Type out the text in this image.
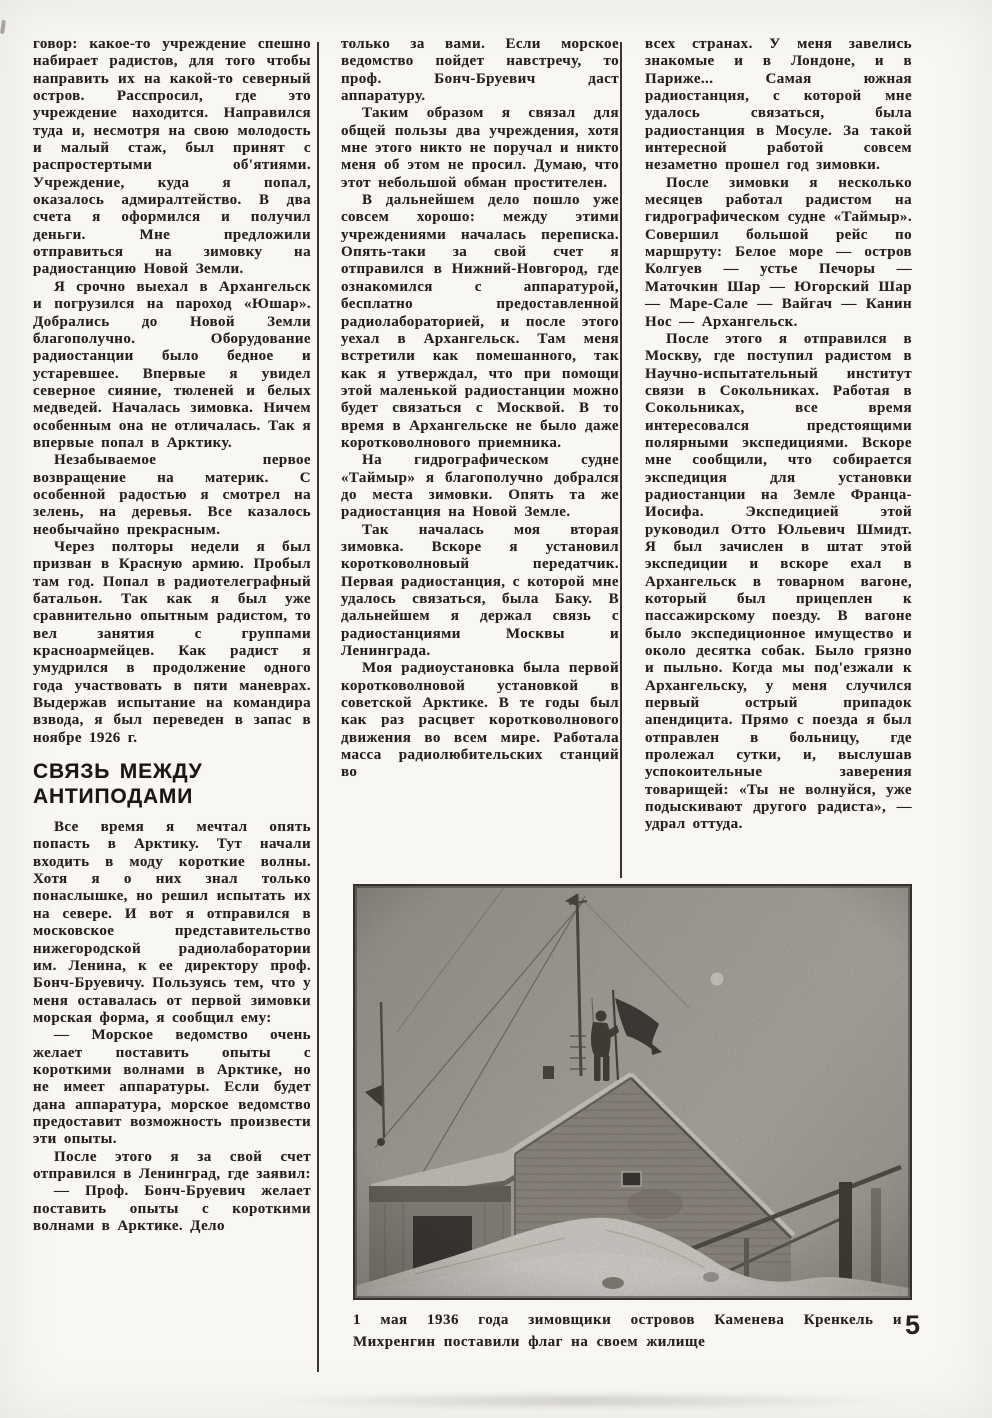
говор: какое-то учреждение спешно набирает радистов, для того чтобы направить их на какой-то северный остров. Расспросил, где это учреждение находится. Направился туда и, несмотря на свою молодость и малый стаж, был принят с распростертыми об'ятиями. Учреждение, куда я попал, оказалось адмиралтейство. В два счета я оформился и получил деньги. Мне предложили отправиться на зимовку на радиостанцию Новой Земли.

Я срочно выехал в Архангельск и погрузился на пароход «Юшар». Добрались до Новой Земли благополучно. Оборудование радиостанции было бедное и устаревшее. Впервые я увидел северное сияние, тюленей и белых медведей. Началась зимовка. Ничем особенным она не отличалась. Так я впервые попал в Арктику.

Незабываемое первое возвращение на материк. С особенной радостью я смотрел на зелень, на деревья. Все казалось необычайно прекрасным.

Через полторы недели я был призван в Красную армию. Пробыл там год. Попал в радиотелеграфный батальон. Так как я был уже сравнительно опытным радистом, то вел занятия с группами красноармейцев. Как радист я умудрился в продолжение одного года участвовать в пяти маневрах. Выдержав испытание на командира взвода, я был переведен в запас в ноябре 1926 г.

СВЯЗЬ МЕЖДУ АНТИПОДАМИ

Все время я мечтал опять попасть в Арктику. Тут начали входить в моду короткие волны. Хотя я о них знал только понаслышке, но решил испытать их на севере. И вот я отправился в московское представительство нижегородской радиолаборатории им. Ленина, к ее директору проф. Бонч-Бруевичу. Пользуясь тем, что у меня оставалась от первой зимовки морская форма, я сообщил ему:

— Морское ведомство очень желает поставить опыты с короткими волнами в Арктике, но не имеет аппаратуры. Если будет дана аппаратура, морское ведомство предоставит возможность произвести эти опыты.

После этого я за свой счет отправился в Ленинград, где заявил:

— Проф. Бонч-Бруевич желает поставить опыты с короткими волнами в Арктике. Дело

только за вами. Если морское ведомство пойдет навстречу, то проф. Бонч-Бруевич даст аппаратуру.

Таким образом я связал для общей пользы два учреждения, хотя мне этого никто не поручал и никто меня об этом не просил. Думаю, что этот небольшой обман простителен.

В дальнейшем дело пошло уже совсем хорошо: между этими учреждениями началась переписка. Опять-таки за свой счет я отправился в Нижний-Новгород, где ознакомился с аппаратурой, бесплатно предоставленной радиолабораторией, и после этого уехал в Архангельск. Там меня встретили как помешанного, так как я утверждал, что при помощи этой маленькой радиостанции можно будет связаться с Москвой. В то время в Архангельске не было даже коротковолнового приемника.

На гидрографическом судне «Таймыр» я благополучно добрался до места зимовки. Опять та же радиостанция на Новой Земле.

Так началась моя вторая зимовка. Вскоре я установил коротковолновый передатчик. Первая радиостанция, с которой мне удалось связаться, была Баку. В дальнейшем я держал связь с радиостанциями Москвы и Ленинграда.

Моя радиоустановка была первой коротковолновой установкой в советской Арктике. В те годы был как раз расцвет коротковолнового движения во всем мире. Работала масса радиолюбительских станций во

всех странах. У меня завелись знакомые и в Лондоне, и в Париже... Самая южная радиостанция, с которой мне удалось связаться, была радиостанция в Мосуле. За такой интересной работой совсем незаметно прошел год зимовки.

После зимовки я несколько месяцев работал радистом на гидрографическом судне «Таймыр». Совершил большой рейс по маршруту: Белое море — остров Колгуев — устье Печоры — Маточкин Шар — Югорский Шар — Маре-Сале — Вайгач — Канин Нос — Архангельск.

После этого я отправился в Москву, где поступил радистом в Научно-испытательный институт связи в Сокольниках. Работая в Сокольниках, все время интересовался предстоящими полярными экспедициями. Вскоре мне сообщили, что собирается экспедиция для установки радиостанции на Земле Франца-Иосифа. Экспедицией этой руководил Отто Юльевич Шмидт. Я был зачислен в штат этой экспедиции и вскоре ехал в Архангельск в товарном вагоне, который был прицеплен к пассажирскому поезду. В вагоне было экспедиционное имущество и около десятка собак. Было грязно и пыльно. Когда мы под'езжали к Архангельску, у меня случился первый острый припадок апендицита. Прямо с поезда я был отправлен в больницу, где пролежал сутки, и, выслушав успокоительные заверения товарищей: «Ты не волнуйся, уже подыскивают другого радиста», — удрал оттуда.

1 мая 1936 года зимовщики островов Каменева Кренкель и Михренгин поставили флаг на своем жилище
5
